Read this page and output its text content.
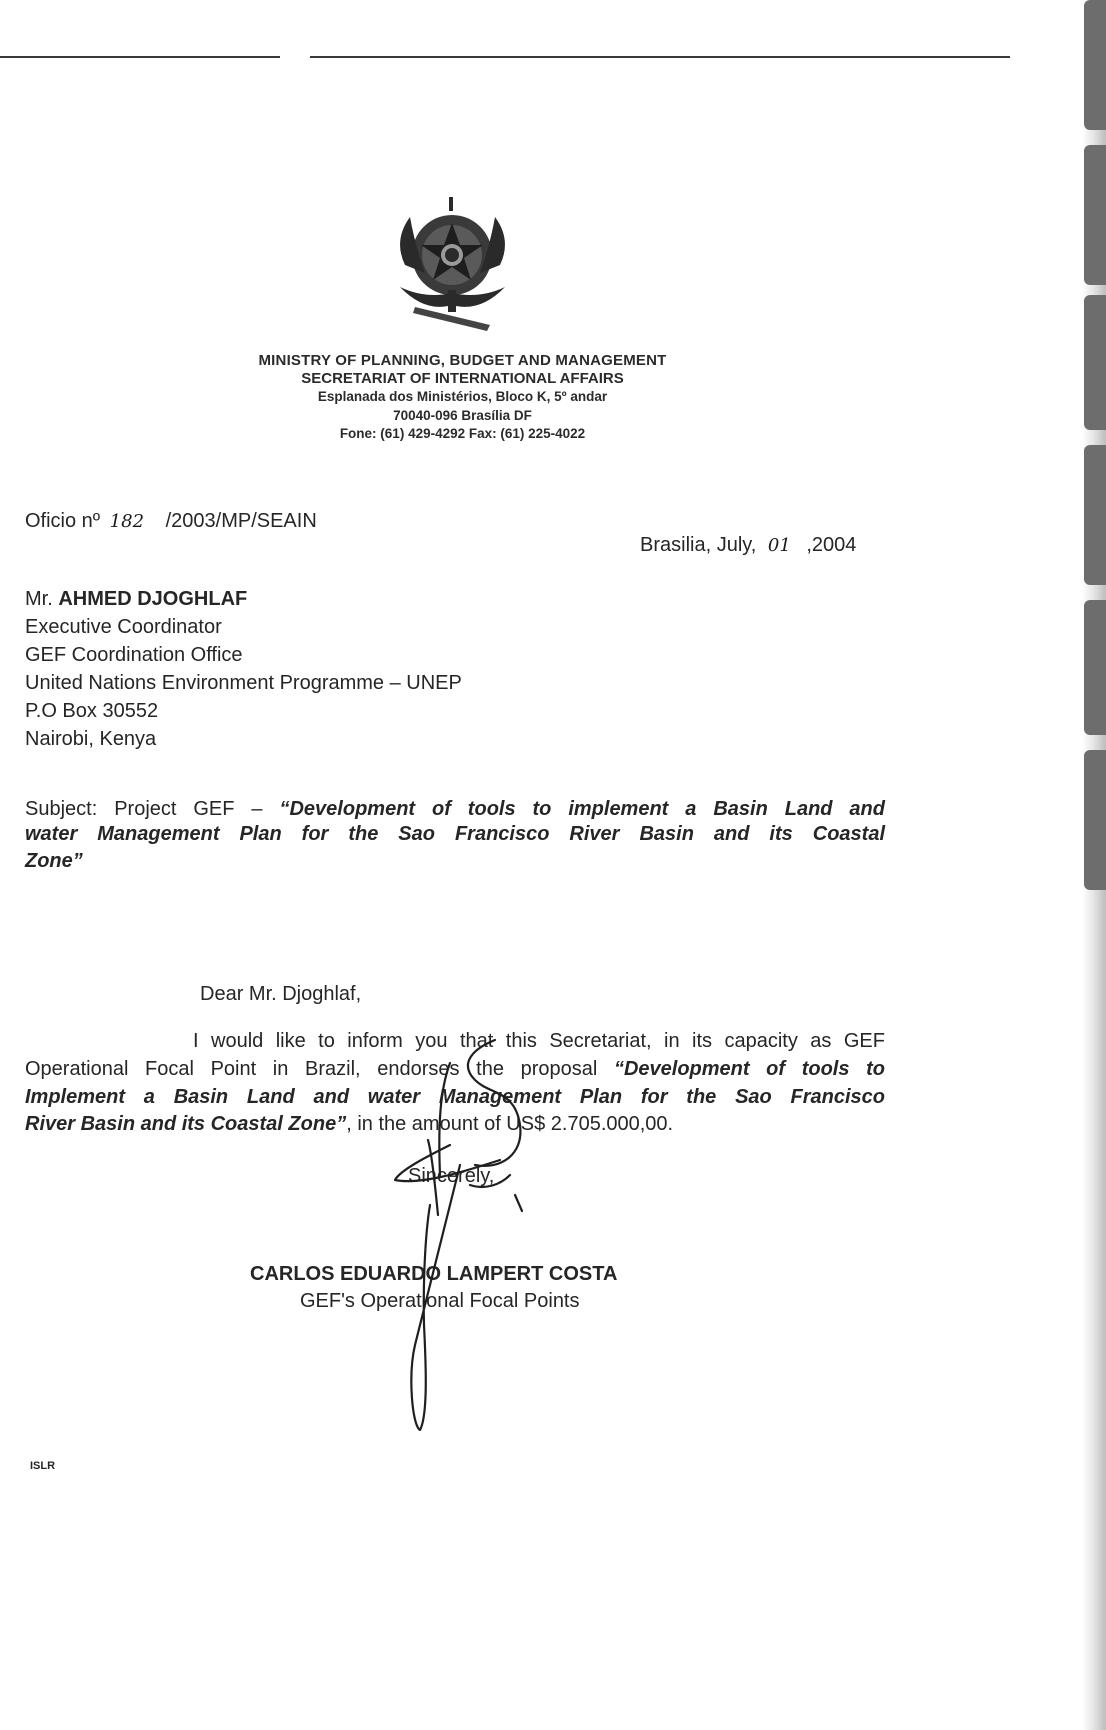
MINISTRY OF PLANNING, BUDGET AND MANAGEMENT
SECRETARIAT OF INTERNATIONAL AFFAIRS
Esplanada dos Ministérios, Bloco K, 5º andar
70040-096 Brasília DF
Fone: (61) 429-4292 Fax: (61) 225-4022
Oficio nº 182 /2003/MP/SEAIN
Brasilia, July, 01 ,2004
Mr. AHMED DJOGHLAF
Executive Coordinator
GEF Coordination Office
United Nations Environment Programme – UNEP
P.O Box 30552
Nairobi, Kenya
Subject: Project GEF – “Development of tools to implement a Basin Land and
water Management Plan for the Sao Francisco River Basin and its Coastal
Zone”
Dear Mr. Djoghlaf,
I would like to inform you that this Secretariat, in its capacity as GEF
Operational Focal Point in Brazil, endorses the proposal “Development of tools to
Implement a Basin Land and water Management Plan for the Sao Francisco
River Basin and its Coastal Zone”, in the amount of US$ 2.705.000,00.
Sincerely,
CARLOS EDUARDO LAMPERT COSTA
GEF's Operational Focal Points
ISLR
